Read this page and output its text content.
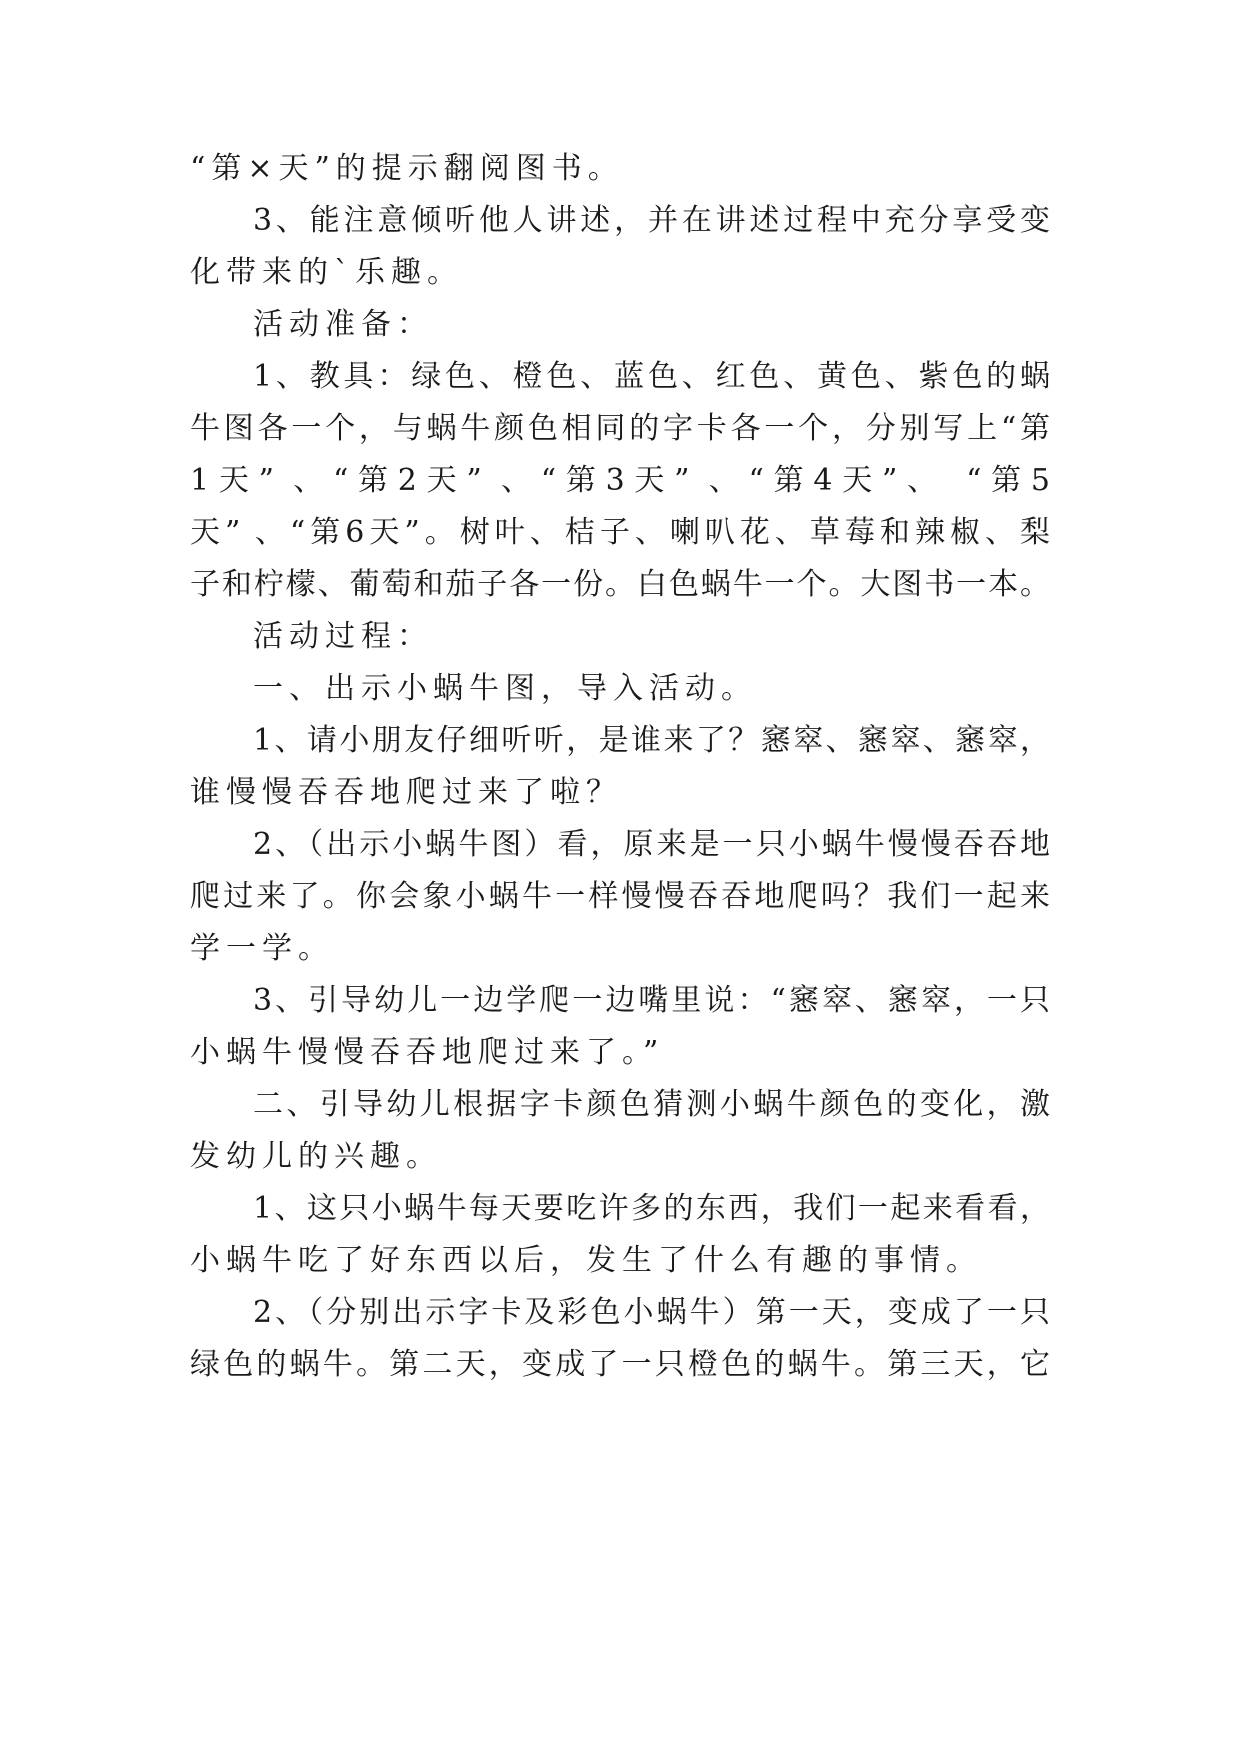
“第×天”的提示翻阅图书。
3、能注意倾听他人讲述，并在讲述过程中充分享受变
化带来的`乐趣。
活动准备：
1、教具：绿色、橙色、蓝色、红色、黄色、紫色的蜗
牛图各一个，与蜗牛颜色相同的字卡各一个，分别写上“第
1天” 、“第2天” 、“第3天” 、“第4天”、 “第5
天” 、“第6天”。树叶、桔子、喇叭花、草莓和辣椒、梨
子和柠檬、葡萄和茄子各一份。白色蜗牛一个。大图书一本。
活动过程：
一、出示小蜗牛图，导入活动。
1、请小朋友仔细听听，是谁来了？窸窣、窸窣、窸窣，
谁慢慢吞吞地爬过来了啦？
2、（出示小蜗牛图）看，原来是一只小蜗牛慢慢吞吞地
爬过来了。你会象小蜗牛一样慢慢吞吞地爬吗？我们一起来
学一学。
3、引导幼儿一边学爬一边嘴里说：“窸窣、窸窣，一只
小蜗牛慢慢吞吞地爬过来了。”
二、引导幼儿根据字卡颜色猜测小蜗牛颜色的变化，激
发幼儿的兴趣。
1、这只小蜗牛每天要吃许多的东西，我们一起来看看，
小蜗牛吃了好东西以后，发生了什么有趣的事情。
2、（分别出示字卡及彩色小蜗牛）第一天，变成了一只
绿色的蜗牛。第二天，变成了一只橙色的蜗牛。第三天，它
